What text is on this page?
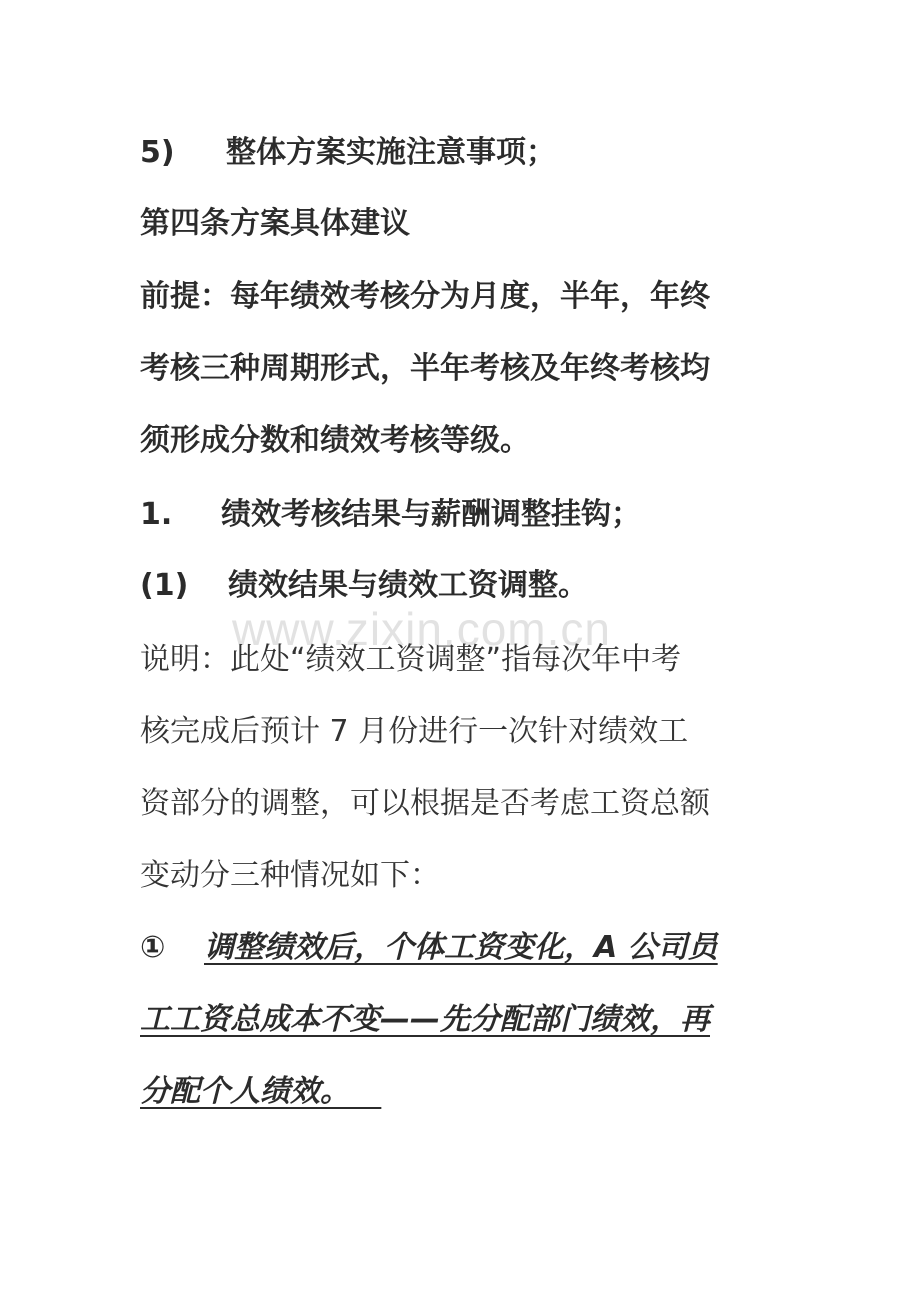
www.zixin.com.cn
5) 整体方案实施注意事项；
第四条方案具体建议
前提：每年绩效考核分为月度，半年，年终
考核三种周期形式，半年考核及年终考核均
须形成分数和绩效考核等级。
1. 绩效考核结果与薪酬调整挂钩；
(1) 绩效结果与绩效工资调整。
说明：此处“绩效工资调整”指每次年中考
核完成后预计 7 月份进行一次针对绩效工
资部分的调整，可以根据是否考虑工资总额
变动分三种情况如下：
① 调整绩效后，个体工资变化，A 公司员
工工资总成本不变——先分配部门绩效，再
分配个人绩效。
